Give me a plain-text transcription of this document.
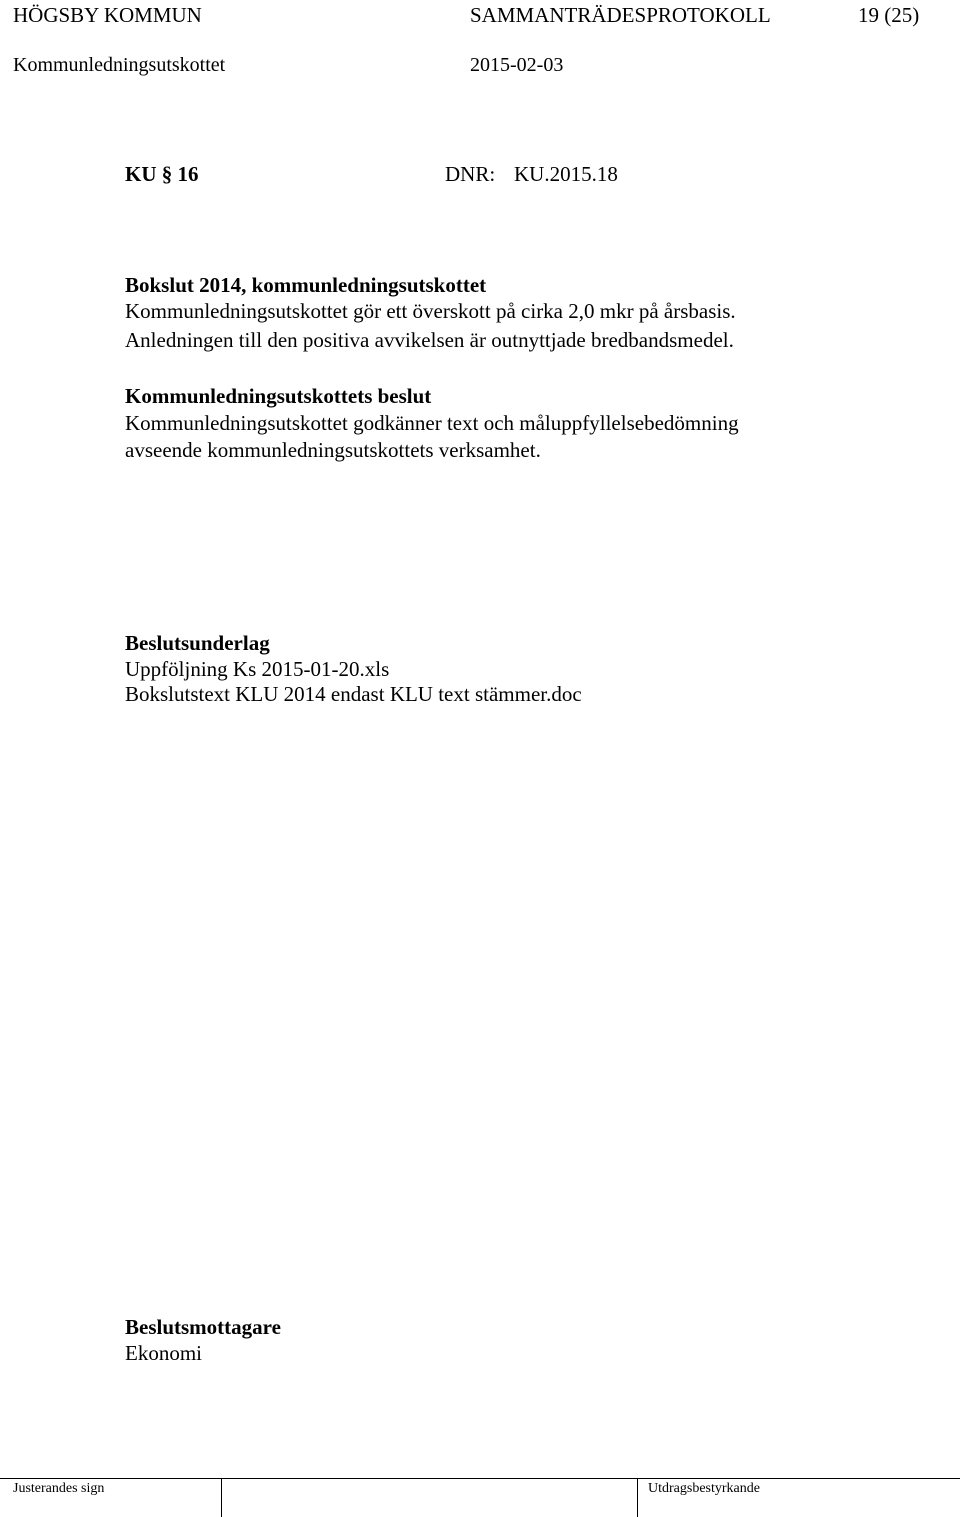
HÖGSBY KOMMUN	SAMMANTRÄDESPROTOKOLL	19 (25)
Kommunledningsutskottet	2015-02-03
KU § 16	DNR: KU.2015.18
Bokslut 2014, kommunledningsutskottet
Kommunledningsutskottet gör ett överskott på cirka 2,0 mkr på årsbasis.
Anledningen till den positiva avvikelsen är outnyttjade bredbandsmedel.
Kommunledningsutskottets beslut
Kommunledningsutskottet godkänner text och måluppfyllelsebedömning
avseende kommunledningsutskottets verksamhet.
Beslutsunderlag
Uppföljning Ks 2015-01-20.xls
Bokslutstext KLU 2014 endast KLU text stämmer.doc
Beslutsmottagare
Ekonomi
Justerandes sign	Utdragsbestyrkande
